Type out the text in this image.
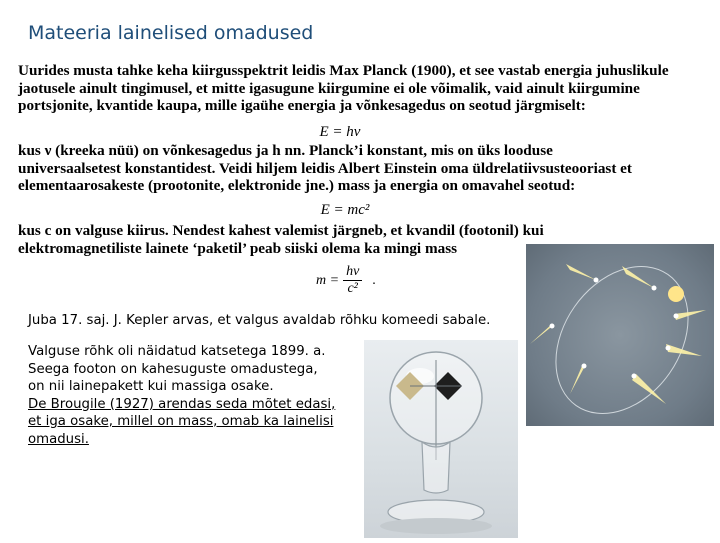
Mateeria lainelised omadused

Uurides musta tahke keha kiirgusspektrit leidis Max Planck (1900), et see vastab energia juhuslikule

jaotusele ainult tingimusel, et mitte igasugune kiirgumine ei ole võimalik, vaid ainult kiirgumine

portsjonite, kvantide kaupa, mille igaühe energia ja võnkesagedus on seotud järgmiselt:

E = hν

kus ν (kreeka nüü) on võnkesagedus ja h nn. Planck’i konstant, mis on üks loodusе

universaalsetest konstantidest. Veidi hiljem leidis Albert Einstein oma üldrelatiivsusteooriast et

elementaarosakestе (prootonite, elektronide jne.) mass ja energia on omavahel seotud:

E = mc²

kus c on valguse kiirus. Nendest kahest valemist järgneb, et kvandil (footonil) kui

elektromagnetiliste lainete ‘paketil’ peab siiski olema ka mingi mass

$m = \frac{h\nu}{\text{c²}}$ .
Juba 17. saj. J. Kepler arvas, et valgus avaldab rõhku komeedi sabale.
Valguse rõhk oli näidatud katsetega 1899. a.
Seega footon on kahesuguste omadustega,
on nii lainepakett kui massiga osake.
De Brougile (1927) arendas seda mõtet edasi,
et iga osake, millel on mass, omab ka lainelisi
omadusi.
